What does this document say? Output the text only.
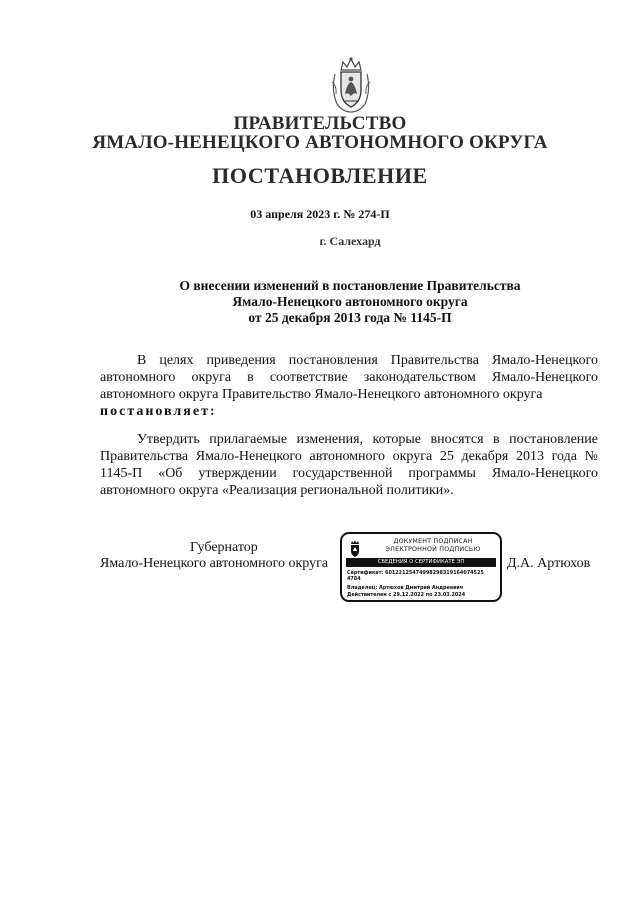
ПРАВИТЕЛЬСТВО
ЯМАЛО-НЕНЕЦКОГО АВТОНОМНОГО ОКРУГА
ПОСТАНОВЛЕНИЕ
03 апреля 2023 г. № 274-П
г. Салехард
О внесении изменений в постановление Правительства
Ямало-Ненецкого автономного округа
от 25 декабря 2013 года № 1145-П
В целях приведения постановления Правительства Ямало-Ненецкого автономного округа в соответствие законодательством Ямало-Ненецкого автономного округа Правительство Ямало-Ненецкого автономного округа
постановляет:
Утвердить прилагаемые изменения, которые вносятся в постановление Правительства Ямало-Ненецкого автономного округа 25 декабря 2013 года № 1145-П «Об утверждении государственной программы Ямало-Ненецкого автономного округа «Реализация региональной политики».
Губернатор
Ямало-Ненецкого автономного округа	Д.А. Артюхов
ДОКУМЕНТ ПОДПИСАН
ЭЛЕКТРОННОЙ ПОДПИСЬЮ
СВЕДЕНИЯ О СЕРТИФИКАТЕ ЭП
Сертификат: 60122125474998298319164074525
4784
Владелец: Артюхов Дмитрий Андреевич
Действителен с 29.12.2022 по 23.03.2024
